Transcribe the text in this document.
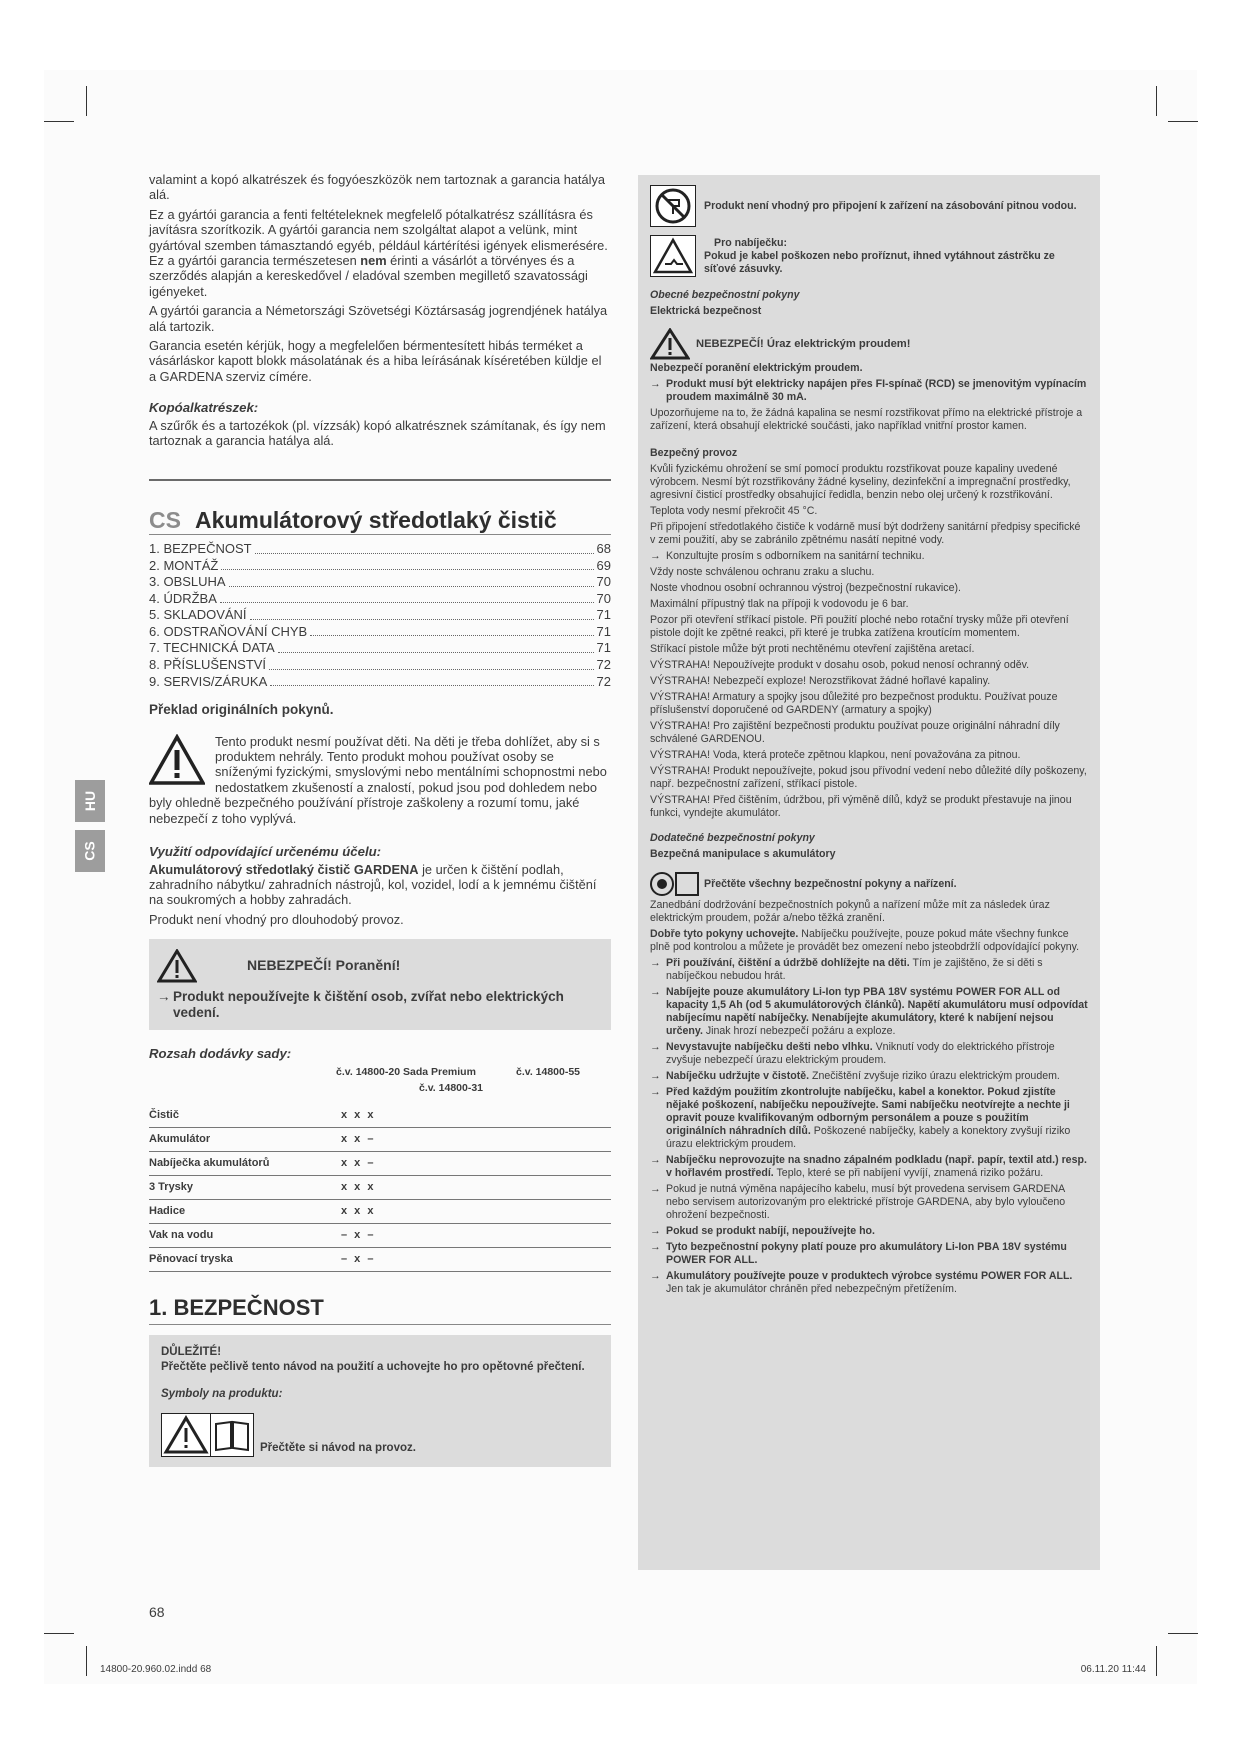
HU
CS

valamint a kopó alkatrészek és fogyóeszközök nem tartoznak a garancia hatálya alá.

Ez a gyártói garancia a fenti feltételeknek megfelelő pótalkatrész szállításra és javításra szorítkozik. A gyártói garancia nem szolgáltat alapot a velünk, mint gyártóval szemben támasztandó egyéb, például kártérítési igények elismerésére. Ez a gyártói garancia természetesen nem érinti a vásárlót a törvényes és a szerződés alapján a kereskedővel / eladóval szemben megillető szavatossági igényeket.

A gyártói garancia a Németországi Szövetségi Köztársaság jogrendjének hatálya alá tartozik.

Garancia esetén kérjük, hogy a megfelelően bérmentesített hibás terméket a vásárláskor kapott blokk másolatának és a hiba leírásának kíséretében küldje el a GARDENA szerviz címére.

Kopóalkatrészek:

A szűrők és a tartozékok (pl. vízzsák) kopó alkatrésznek számítanak, és így nem tartoznak a garancia hatálya alá.

CS Akumulátorový středotlaký čistič
1. BEZPEČNOST	68
2. MONTÁŽ	69
3. OBSLUHA	70
4. ÚDRŽBA	70
5. SKLADOVÁNÍ	71
6. ODSTRAŇOVÁNÍ CHYB	71
7. TECHNICKÁ DATA	71
8. PŘÍSLUŠENSTVÍ	72
9. SERVIS/ZÁRUKA	72

Překlad originálních pokynů.

Tento produkt nesmí používat děti. Na děti je třeba dohlížet, aby si s produktem nehrály. Tento produkt mohou používat osoby se sníženými fyzickými, smyslovými nebo mentálními schopnostmi nebo nedostatkem zkušeností a znalostí, pokud jsou pod dohledem nebo byly ohledně bezpečného používání přístroje zaškoleny a rozumí tomu, jaké nebezpečí z toho vyplývá.
Využití odpovídající určenému účelu:

Akumulátorový středotlaký čistič GARDENA je určen k čištění podlah, zahradního nábytku/ zahradních nástrojů, kol, vozidel, lodí a k jemnému čištění na soukromých a hobby zahradách.

Produkt není vhodný pro dlouhodobý provoz.

NEBEZPEČÍ! Poranění!
→ Produkt nepoužívejte k čištění osob, zvířat nebo elektrických vedení.
Rozsah dodávky sady:
č.v. 14800-20 Sada Premium
č.v. 14800-31
č.v. 14800-55
Čistič	x x x
Akumulátor	x x –
Nabíječka akumulátorů	x x –
3 Trysky	x x x
Hadice	x x x
Vak na vodu	– x –
Pěnovací tryska	– x –
1. BEZPEČNOST
DŮLEŽITÉ!
Přečtěte pečlivě tento návod na použití a uchovejte ho pro opětovné přečtení.
Symboly na produktu:
Přečtěte si návod na provoz.
Produkt není vhodný pro připojení k zařízení na zásobování pitnou vodou.
Pro nabíječku:
Pokud je kabel poškozen nebo proříznut, ihned vytáhnout zástrčku ze síťové zásuvky.

Obecné bezpečnostní pokyny

Elektrická bezpečnost

NEBEZPEČÍ! Úraz elektrickým proudem!

Nebezpečí poranění elektrickým proudem.

→ Produkt musí být elektricky napájen přes FI-spínač (RCD) se jmenovitým vypínacím proudem maximálně 30 mA.

Upozorňujeme na to, že žádná kapalina se nesmí rozstřikovat přímo na elektrické přístroje a zařízení, která obsahují elektrické součásti, jako například vnitřní prostor kamen.

Bezpečný provoz

Kvůli fyzickému ohrožení se smí pomocí produktu rozstřikovat pouze kapaliny uvedené výrobcem. Nesmí být rozstřikovány žádné kyseliny, dezinfekční a impregnační prostředky, agresivní čisticí prostředky obsahující ředidla, benzin nebo olej určený k rozstřikování.

Teplota vody nesmí překročit 45 °C.

Při připojení středotlakého čističe k vodárně musí být dodrženy sanitární předpisy specifické v zemi použití, aby se zabránilo zpětnému nasátí nepitné vody.

→ Konzultujte prosím s odborníkem na sanitární techniku.

Vždy noste schválenou ochranu zraku a sluchu.

Noste vhodnou osobní ochrannou výstroj (bezpečnostní rukavice).

Maximální přípustný tlak na přípoji k vodovodu je 6 bar.

Pozor při otevření stříkací pistole. Při použití ploché nebo rotační trysky může při otevření pistole dojít ke zpětné reakci, při které je trubka zatížena kroutícím momentem.

Stříkací pistole může být proti nechtěnému otevření zajištěna aretací.

VÝSTRAHA! Nepoužívejte produkt v dosahu osob, pokud nenosí ochranný oděv.

VÝSTRAHA! Nebezpečí exploze! Nerozstřikovat žádné hořlavé kapaliny.

VÝSTRAHA! Armatury a spojky jsou důležité pro bezpečnost produktu. Používat pouze příslušenství doporučené od GARDENY (armatury a spojky)

VÝSTRAHA! Pro zajištění bezpečnosti produktu používat pouze originální náhradní díly schválené GARDENOU.

VÝSTRAHA! Voda, která proteče zpětnou klapkou, není považována za pitnou.

VÝSTRAHA! Produkt nepoužívejte, pokud jsou přívodní vedení nebo důležité díly poškozeny, např. bezpečnostní zařízení, stříkací pistole.

VÝSTRAHA! Před čištěním, údržbou, při výměně dílů, když se produkt přestavuje na jinou funkci, vyndejte akumulátor.

Dodatečné bezpečnostní pokyny

Bezpečná manipulace s akumulátory

Přečtěte všechny bezpečnostní pokyny a nařízení.

Zanedbání dodržování bezpečnostních pokynů a nařízení může mít za následek úraz elektrickým proudem, požár a/nebo těžká zranění.

Dobře tyto pokyny uchovejte. Nabíječku používejte, pouze pokud máte všechny funkce plně pod kontrolou a můžete je provádět bez omezení nebo jsteobdržlí odpovídající pokyny.

→ Při používání, čištění a údržbě dohlížejte na děti. Tím je zajištěno, že si děti s nabíječkou nebudou hrát.
→ Nabíjejte pouze akumulátory Li-Ion typ PBA 18V systému POWER FOR ALL od kapacity 1,5 Ah (od 5 akumulátorových článků). Napětí akumulátoru musí odpovídat nabíjecímu napětí nabíječky. Nenabíjejte akumulátory, které k nabíjení nejsou určeny. Jinak hrozí nebezpečí požáru a exploze.
→ Nevystavujte nabíječku dešti nebo vlhku. Vniknutí vody do elektrického přístroje zvyšuje nebezpečí úrazu elektrickým proudem.
→ Nabíječku udržujte v čistotě. Znečištění zvyšuje riziko úrazu elektrickým proudem.
→ Před každým použitím zkontrolujte nabíječku, kabel a konektor. Pokud zjistíte nějaké poškození, nabíječku nepoužívejte. Sami nabíječku neotvírejte a nechte ji opravit pouze kvalifikovaným odborným personálem a pouze s použitím originálních náhradních dílů. Poškozené nabíječky, kabely a konektory zvyšují riziko úrazu elektrickým proudem.
→ Nabíječku neprovozujte na snadno zápalném podkladu (např. papír, textil atd.) resp. v hořlavém prostředí. Teplo, které se při nabíjení vyvíjí, znamená riziko požáru.
→ Pokud je nutná výměna napájecího kabelu, musí být provedena servisem GARDENA nebo servisem autorizovaným pro elektrické přístroje GARDENA, aby bylo vyloučeno ohrožení bezpečnosti.
→ Pokud se produkt nabíjí, nepoužívejte ho.
→ Tyto bezpečnostní pokyny platí pouze pro akumulátory Li-Ion PBA 18V systému POWER FOR ALL.
→ Akumulátory používejte pouze v produktech výrobce systému POWER FOR ALL. Jen tak je akumulátor chráněn před nebezpečným přetížením.
68
14800-20.960.02.indd 68	06.11.20 11:44
